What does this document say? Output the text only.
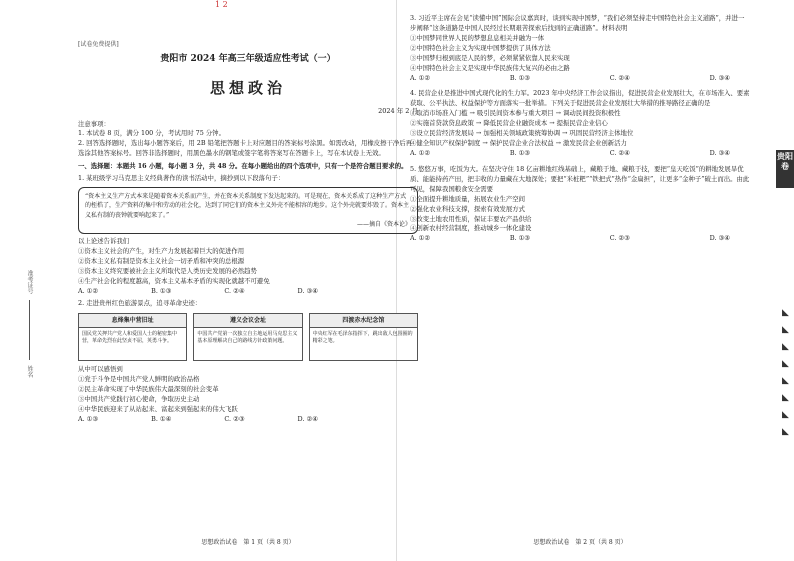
1 2
准考证号  姓名
[试卷免费提供]
贵阳市 2024 年高三年级适应性考试（一）
思想政治
2024 年 2 月

注意事项：

1. 本试卷 8 页，满分 100 分，考试用时 75 分钟。

2. 回答选择题时，选出每小题答案后，用 2B 铅笔把答题卡上对应题目的答案标号涂黑。如需改动，用橡皮擦干净后再选涂其他答案标号。回答非选择题时，用黑色墨水的钢笔或签字笔将答案写在答题卡上，写在本试卷上无效。

一、选择题：本题共 16 小题，每小题 3 分，共 48 分。在每小题给出的四个选项中，只有一个是符合题目要求的。
1. 某班级学习马克思主义经典著作的读书活动中，摘抄到以下段落句子：
“资本主义生产方式本来是随着资本关系而产生，并在资本关系制度下发达起来的。可是现在，资本关系成了这种生产方式的桎梏了，生产资料的集中和劳动的社会化，达到了同它们的资本主义外壳不能相容的地步。这个外壳就要炸毁了。资本主义私有制的丧钟就要响起来了。”
——摘自《资本论》

以上论述告诉我们

①资本主义社会的产生，对生产力发展起着巨大的促进作用

②资本主义私有制是资本主义社会一切矛盾和冲突的总根源

③资本主义终究要被社会主义所取代是人类历史发展的必然趋势

④生产社会化的程度越高，资本主义基本矛盾的实现化就越不可避免

A. ①②	B. ①③	C. ②④	D. ③④
2. 走进贵州红色旅游景点，追寻革命史迹：
息烽集中营旧址
国民党关押共产党人和爱国人士的秘密集中营，革命先烈在此坚贞不屈，英勇斗争。
遵义会议会址
中国共产党第一次独立自主地运用马克思主义基本原理解决自己的路线方针政策问题。
四渡赤水纪念馆
中央红军在毛泽东指挥下，跳出敌人包围圈的精彩之笔。

从中可以感悟到

①党于斗争是中国共产党人鲜明的政治品格

②民主革命实现了中华民族伟大最深刻的社会变革

③中国共产党践行初心使命，争取历史主动

④中华民族迎来了从站起来、富起来到强起来的伟大飞跃

A. ①③	B. ①④	C. ②③	D. ②④
思想政治试卷　第 1 页（共 8 页）
3. 习近平主席在会见“读懂中国”国际会议嘉宾时，谈到实现中国梦，“我们必须坚持走中国特色社会主义道路”，并进一步阐释“这条道路是中国人民经过长期艰苦探索后找到的正确道路”。材料表明

①中国梦同世界人民的梦想息息相关并融为一体

②中国特色社会主义为实现中国梦提供了具体方法

③中国梦归根到底是人民的梦，必须紧紧依靠人民来实现

④中国特色社会主义是实现中华民族伟大复兴的必由之路

A. ①②	B. ①③	C. ②④	D. ③④
4. 民营企业是推进中国式现代化的生力军。2023 年中央经济工作会议指出，促进民营企业发展壮大，在市场准入、要素获取、公平执法、权益保护等方面落实一批举措。下列关于促进民营企业发展壮大举措的推导路径正确的是

①取消市场准入门槛 → 吸引民间资本参与重大项目 → 调动民间投资积极性

②实施首贷款贷息政策 → 降低民营企业融资成本 → 提振民营企业信心

③设立民营经济发展局 → 加强相关领域政策统筹协调 → 巩固民营经济主体地位

④健全知识产权保护制度 → 保护民营企业合法权益 → 激发民营企业创新活力

A. ①②	B. ①③	C. ②④	D. ③④
5. 悠悠万事，吃饭为大。在坚决守住 18 亿亩耕地红线基础上，藏粮于地、藏粮于技，要把“皇天吃饭”的耕地发展旱优质、能能持药产田，把丰收的力量藏在大地深处；要把“米桩粑”“铁把式”热作“金扁担”，让更多“金种子”破土而出。由此可见，保障我国粮食安全需要

①全面提升耕地质量，拓展农业生产空间

②强化农业科技支撑，探索有效发展方式

③改变土地农用性质，保证丰要农产品供给

④创新农村经营制度，推动城乡一体化建设

A. ①②	B. ①③	C. ②③	D. ③④
思想政治试卷　第 2 页（共 8 页）
贵阳卷
◣
◣
◣
◣
◣
◣
◣
◣
